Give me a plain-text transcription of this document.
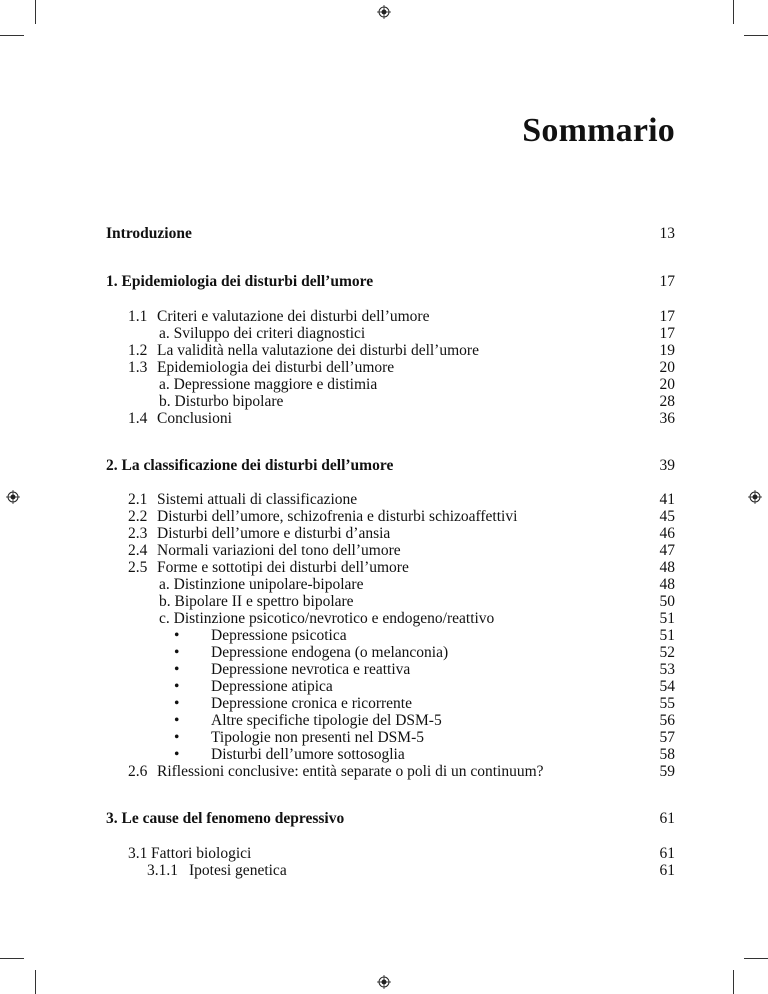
Sommario
Introduzione	13
1. Epidemiologia dei disturbi dell’umore	17
1.1 Criteri e valutazione dei disturbi dell’umore	17
a. Sviluppo dei criteri diagnostici	17
1.2 La validità nella valutazione dei disturbi dell’umore	19
1.3 Epidemiologia dei disturbi dell’umore	20
a. Depressione maggiore e distimia	20
b. Disturbo bipolare	28
1.4 Conclusioni	36
2. La classificazione dei disturbi dell’umore	39
2.1 Sistemi attuali di classificazione	41
2.2 Disturbi dell’umore, schizofrenia e disturbi schizoaffettivi	45
2.3 Disturbi dell’umore e disturbi d’ansia	46
2.4 Normali variazioni del tono dell’umore	47
2.5 Forme e sottotipi dei disturbi dell’umore	48
a. Distinzione unipolare-bipolare	48
b. Bipolare II e spettro bipolare	50
c. Distinzione psicotico/nevrotico e endogeno/reattivo	51
• Depressione psicotica	51
• Depressione endogena (o melanconia)	52
• Depressione nevrotica e reattiva	53
• Depressione atipica	54
• Depressione cronica e ricorrente	55
• Altre specifiche tipologie del DSM-5	56
• Tipologie non presenti nel DSM-5	57
• Disturbi dell’umore sottosoglia	58
2.6 Riflessioni conclusive: entità separate o poli di un continuum?	59
3. Le cause del fenomeno depressivo	61
3.1 Fattori biologici	61
3.1.1 Ipotesi genetica	61
